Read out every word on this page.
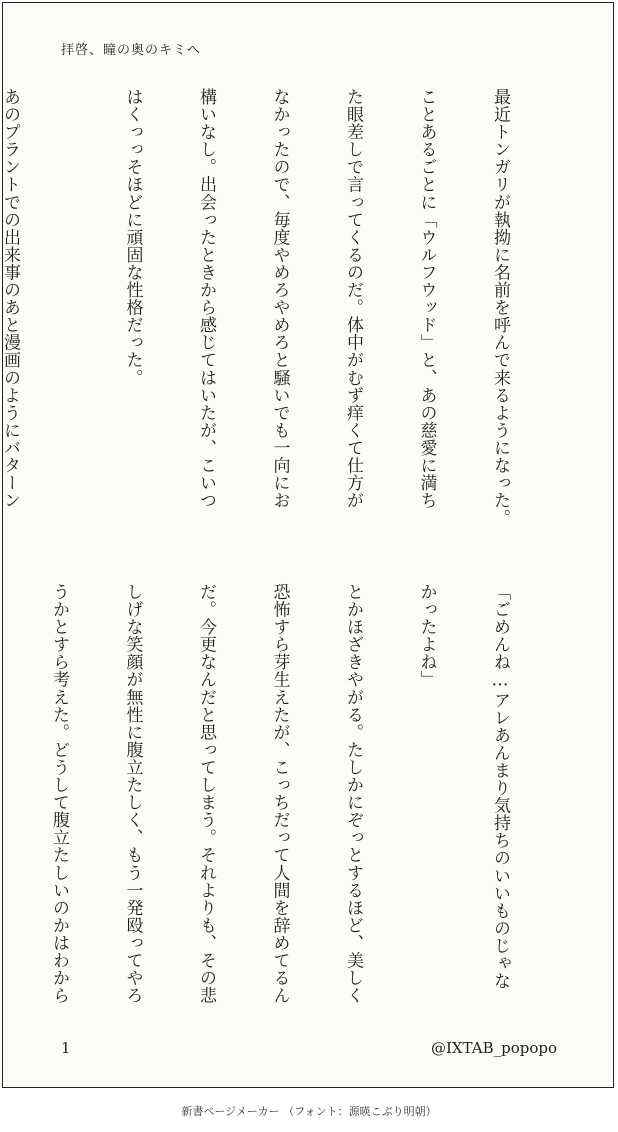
拝啓、瞳の奥のキミへ

最近トンガリが執拗に名前を呼んで来るようになった。

ことあるごとに「ウルフウッド」と、あの慈愛に満ち

た眼差しで言ってくるのだ。体中がむず痒くて仕方が

なかったので、毎度やめろやめろと騒いでも一向にお

構いなし。出会ったときから感じてはいたが、こいつ

はくっっそほどに頑固な性格だった。

あのプラントでの出来事のあと漫画のようにバターン

「ごめんね…アレあんまり気持ちのいいものじゃな

かったよね」

とかほざきやがる。たしかにぞっとするほど、美しく

恐怖すら芽生えたが、こっちだって人間を辞めてるん

だ。今更なんだと思ってしまう。それよりも、その悲

しげな笑顔が無性に腹立たしく、もう一発殴ってやろ

うかとすら考えた。どうして腹立たしいのかはわから

1	@IXTAB_popopo
新書ページメーカー （フォント：源暎こぶり明朝）
